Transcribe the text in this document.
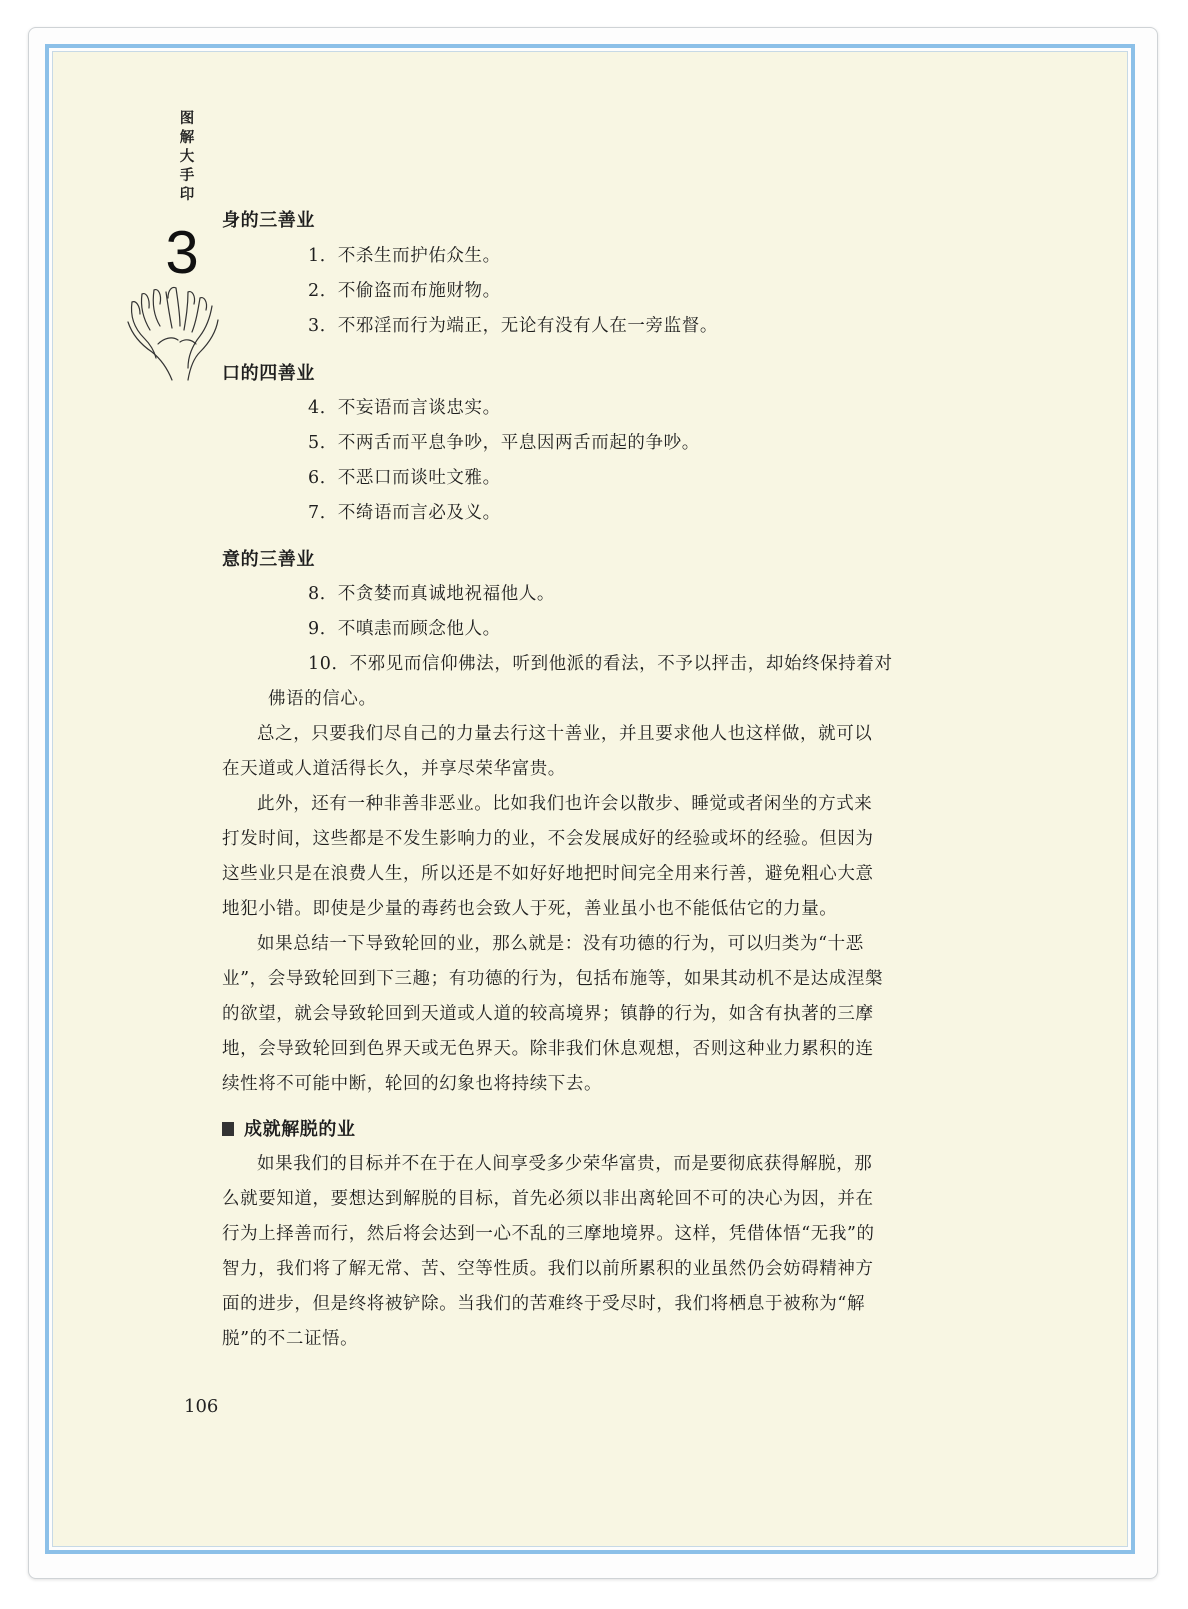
图
解
大
手
印
3 身的三善业
1．不杀生而护佑众生。
2．不偷盗而布施财物。
3．不邪淫而行为端正，无论有没有人在一旁监督。
口的四善业
4．不妄语而言谈忠实。
5．不两舌而平息争吵，平息因两舌而起的争吵。
6．不恶口而谈吐文雅。
7．不绮语而言必及义。
意的三善业
8．不贪婪而真诚地祝福他人。
9．不嗔恚而顾念他人。
10．不邪见而信仰佛法，听到他派的看法，不予以抨击，却始终保持着对
佛语的信心。
总之，只要我们尽自己的力量去行这十善业，并且要求他人也这样做，就可以
在天道或人道活得长久，并享尽荣华富贵。
此外，还有一种非善非恶业。比如我们也许会以散步、睡觉或者闲坐的方式来
打发时间，这些都是不发生影响力的业，不会发展成好的经验或坏的经验。但因为
这些业只是在浪费人生，所以还是不如好好地把时间完全用来行善，避免粗心大意
地犯小错。即使是少量的毒药也会致人于死，善业虽小也不能低估它的力量。
如果总结一下导致轮回的业，那么就是：没有功德的行为，可以归类为“十恶
业”，会导致轮回到下三趣；有功德的行为，包括布施等，如果其动机不是达成涅槃
的欲望，就会导致轮回到天道或人道的较高境界；镇静的行为，如含有执著的三摩
地，会导致轮回到色界天或无色界天。除非我们休息观想，否则这种业力累积的连
续性将不可能中断，轮回的幻象也将持续下去。
成就解脱的业
如果我们的目标并不在于在人间享受多少荣华富贵，而是要彻底获得解脱，那
么就要知道，要想达到解脱的目标，首先必须以非出离轮回不可的决心为因，并在
行为上择善而行，然后将会达到一心不乱的三摩地境界。这样，凭借体悟“无我”的
智力，我们将了解无常、苦、空等性质。我们以前所累积的业虽然仍会妨碍精神方
面的进步，但是终将被铲除。当我们的苦难终于受尽时，我们将栖息于被称为“解
脱”的不二证悟。
106
